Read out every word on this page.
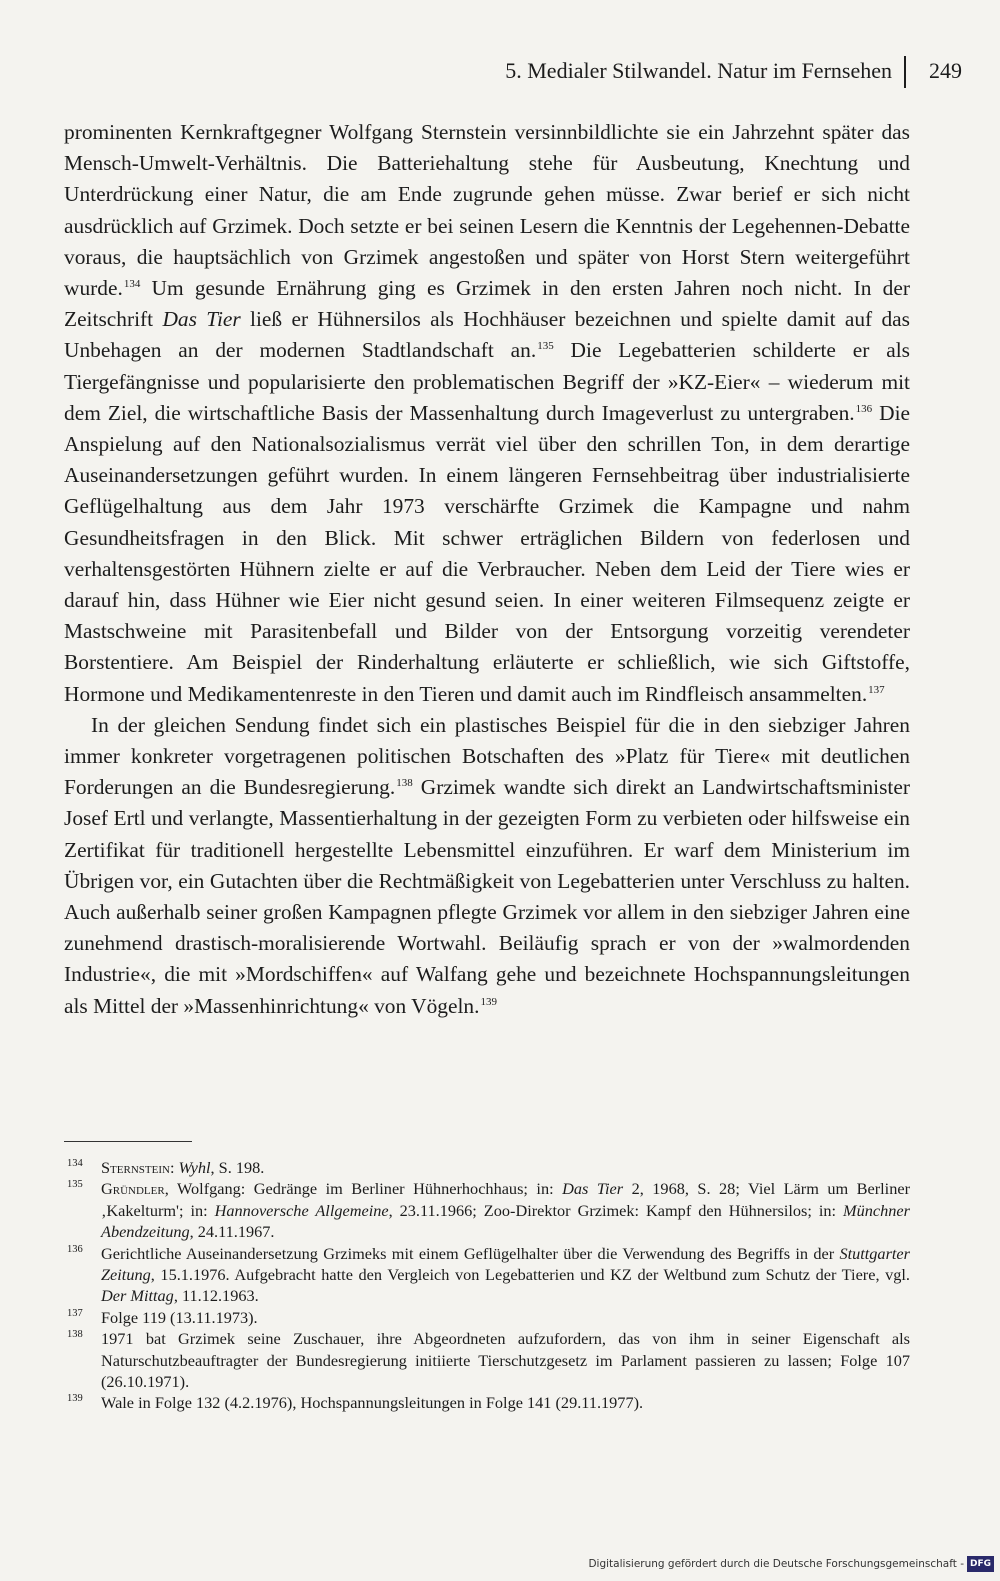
5. Medialer Stilwandel. Natur im Fernsehen 249

prominenten Kernkraftgegner Wolfgang Sternstein versinnbildlichte sie ein Jahrzehnt später das Mensch-Umwelt-Verhältnis. Die Batteriehaltung stehe für Ausbeutung, Knechtung und Unterdrückung einer Natur, die am Ende zugrunde gehen müsse. Zwar berief er sich nicht ausdrücklich auf Grzimek. Doch setzte er bei seinen Lesern die Kenntnis der Legehennen-Debatte voraus, die hauptsächlich von Grzimek angestoßen und später von Horst Stern weitergeführt wurde.$^{134}$ Um gesunde Ernährung ging es Grzimek in den ersten Jahren noch nicht. In der Zeitschrift Das Tier ließ er Hühnersilos als Hochhäuser bezeichnen und spielte damit auf das Unbehagen an der modernen Stadtlandschaft an.$^{135}$ Die Legebatterien schilderte er als Tiergefängnisse und popularisierte den problematischen Begriff der »KZ-Eier« – wiederum mit dem Ziel, die wirtschaftliche Basis der Massenhaltung durch Imageverlust zu untergraben.$^{136}$ Die Anspielung auf den Nationalsozialismus verrät viel über den schrillen Ton, in dem derartige Auseinandersetzungen geführt wurden. In einem längeren Fernsehbeitrag über industrialisierte Geflügelhaltung aus dem Jahr 1973 verschärfte Grzimek die Kampagne und nahm Gesundheitsfragen in den Blick. Mit schwer erträglichen Bildern von federlosen und verhaltensgestörten Hühnern zielte er auf die Verbraucher. Neben dem Leid der Tiere wies er darauf hin, dass Hühner wie Eier nicht gesund seien. In einer weiteren Filmsequenz zeigte er Mastschweine mit Parasitenbefall und Bilder von der Entsorgung vorzeitig verendeter Borstentiere. Am Beispiel der Rinderhaltung erläuterte er schließlich, wie sich Giftstoffe, Hormone und Medikamentenreste in den Tieren und damit auch im Rindfleisch ansammelten.$^{137}$

In der gleichen Sendung findet sich ein plastisches Beispiel für die in den siebziger Jahren immer konkreter vorgetragenen politischen Botschaften des »Platz für Tiere« mit deutlichen Forderungen an die Bundesregierung.$^{138}$ Grzimek wandte sich direkt an Landwirtschaftsminister Josef Ertl und verlangte, Massentierhaltung in der gezeigten Form zu verbieten oder hilfsweise ein Zertifikat für traditionell hergestellte Lebensmittel einzuführen. Er warf dem Ministerium im Übrigen vor, ein Gutachten über die Rechtmäßigkeit von Legebatterien unter Verschluss zu halten. Auch außerhalb seiner großen Kampagnen pflegte Grzimek vor allem in den siebziger Jahren eine zunehmend drastisch-moralisierende Wortwahl. Beiläufig sprach er von der »walmordenden Industrie«, die mit »Mordschiffen« auf Walfang gehe und bezeichnete Hochspannungsleitungen als Mittel der »Massenhinrichtung« von Vögeln.$^{139}$

134 Sternstein: Wyhl, S. 198.
135 Gründler, Wolfgang: Gedränge im Berliner Hühnerhochhaus; in: Das Tier 2, 1968, S. 28; Viel Lärm um Berliner ‚Kakelturm'; in: Hannoversche Allgemeine, 23.11.1966; Zoo-Direktor Grzimek: Kampf den Hühnersilos; in: Münchner Abendzeitung, 24.11.1967.
136 Gerichtliche Auseinandersetzung Grzimeks mit einem Geflügelhalter über die Verwendung des Begriffs in der Stuttgarter Zeitung, 15.1.1976. Aufgebracht hatte den Vergleich von Legebatterien und KZ der Weltbund zum Schutz der Tiere, vgl. Der Mittag, 11.12.1963.
137 Folge 119 (13.11.1973).
138 1971 bat Grzimek seine Zuschauer, ihre Abgeordneten aufzufordern, das von ihm in seiner Eigenschaft als Naturschutzbeauftragter der Bundesregierung initiierte Tierschutzgesetz im Parlament passieren zu lassen; Folge 107 (26.10.1971).
139 Wale in Folge 132 (4.2.1976), Hochspannungsleitungen in Folge 141 (29.11.1977).
Digitalisierung gefördert durch die Deutsche Forschungsgemeinschaft - DFG
